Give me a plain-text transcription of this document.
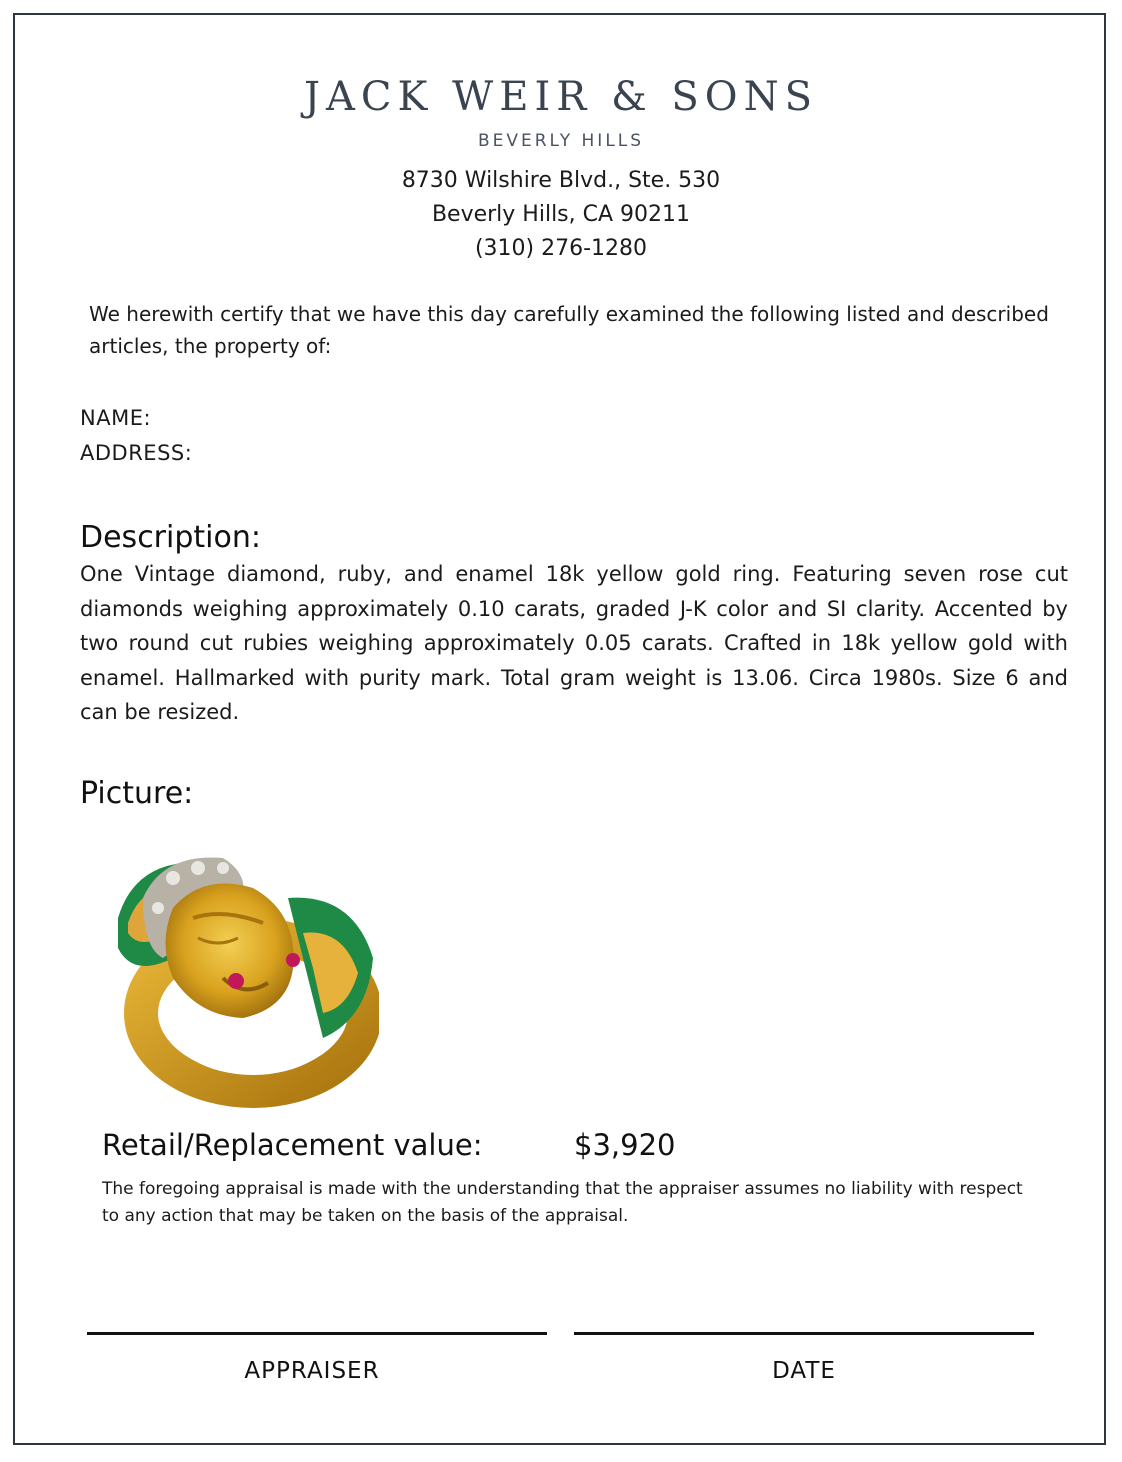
JACK WEIR & SONS
BEVERLY HILLS
8730 Wilshire Blvd., Ste. 530
Beverly Hills, CA 90211
(310) 276-1280
We herewith certify that we have this day carefully examined the following listed and described articles, the property of:
NAME:
ADDRESS:
Description:
One Vintage diamond, ruby, and enamel 18k yellow gold ring. Featuring seven rose cut diamonds weighing approximately 0.10 carats, graded J-K color and SI clarity. Accented by two round cut rubies weighing approximately 0.05 carats. Crafted in 18k yellow gold with enamel. Hallmarked with purity mark. Total gram weight is 13.06. Circa 1980s. Size 6 and can be resized.
Picture:
Retail/Replacement value:	$3,920
The foregoing appraisal is made with the understanding that the appraiser assumes no liability with respect to any action that may be taken on the basis of the appraisal.
APPRAISER	DATE
